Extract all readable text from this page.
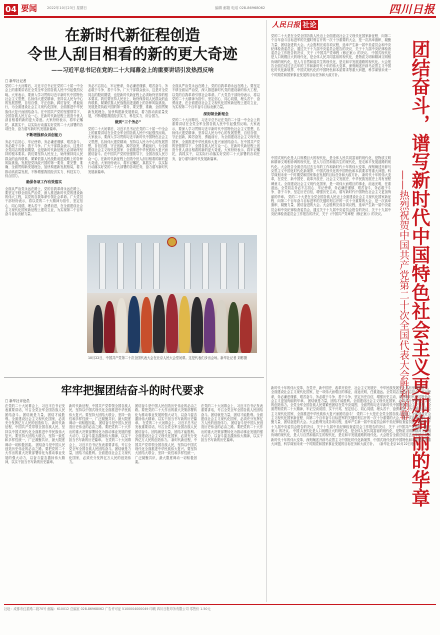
04 要闻	2022年10月23日 星期日	编辑 邮箱 电话 028-86968062	四川日报
在新时代新征程创造
令世人刮目相看的新的更大奇迹
——习近平总书记在党的二十大闻幕会上的重要讲话引发热烈反响
□ 新华社记者
党的二十大闭幕后，习近平总书记在党的二十届一中全会上的重要讲话在全党全军全国各族人民中引起强烈反响。大家表示，要深入学习贯彻习近平新时代中国特色社会主义思想，弘扬伟大建党精神，坚持以人民为中心的发展思想，自信自强、守正创新，踔厉奋发、勇毅前行，为全面建设社会主义现代化国家、全面推进中华民族伟大复兴而团结奋斗。在中国共产党的坚强领导下，全国各族人民万众一心，在新时代新征程上创造令世人刮目相看的新的更大奇迹。大家纷纷表示，将牢记嘱托，真抓实干，以实际行动落实好党的二十大部署的各项任务，奋力谱写新时代发展新篇章。
不断增强群众首创能力
务必不忘初心、牢记使命，务必谦虚谨慎、艰苦奋斗，务必敢于斗争、善于斗争。广大干部群众表示，这是对全党同志的殷切期望，也是新时代新征程上必须始终坚持的根本要求。我们要坚持人民至上，始终保持同人民群众的血肉联系，紧紧依靠人民战胜前进道路上的各种风险挑战。发展是党执政兴国的第一要务，要完整、准确、全面贯彻新发展理念，加快构建新发展格局，着力推动高质量发展，不断增强我国经济实力、科技实力、综合国力。
确保各项工作有效落实
全面从严治党永远在路上，党的自我革命永远在路上。要坚定不移全面从严治党，深入推进新时代党的建设新的伟大工程，以党的自我革命引领社会革命。广大党员干部纷纷表示，将以党的二十大精神为指引，坚定信心、同心同德，埋头苦干、奋勇前进，在全面建设社会主义现代化国家新征程上建功立业，为实现第二个百年奋斗目标贡献力量。
务必不忘初心、牢记使命，务必谦虚谨慎、艰苦奋斗，务必敢于斗争、善于斗争。广大干部群众表示，这是对全党同志的殷切期望，也是新时代新征程上必须始终坚持的根本要求。我们要坚持人民至上，始终保持同人民群众的血肉联系，紧紧依靠人民战胜前进道路上的各种风险挑战。发展是党执政兴国的第一要务，要完整、准确、全面贯彻新发展理念，加快构建新发展格局，着力推动高质量发展，不断增强我国经济实力、科技实力、综合国力。
做到“三个务必”
党的二十大闭幕后，习近平总书记在党的二十届一中全会上的重要讲话在全党全军全国各族人民中引起强烈反响。大家表示，要深入学习贯彻习近平新时代中国特色社会主义思想，弘扬伟大建党精神，坚持以人民为中心的发展思想，自信自强、守正创新，踔厉奋发、勇毅前行，为全面建设社会主义现代化国家、全面推进中华民族伟大复兴而团结奋斗。在中国共产党的坚强领导下，全国各族人民万众一心，在新时代新征程上创造令世人刮目相看的新的更大奇迹。大家纷纷表示，将牢记嘱托，真抓实干，以实际行动落实好党的二十大部署的各项任务，奋力谱写新时代发展新篇章。
全面从严治党永远在路上，党的自我革命永远在路上。要坚定不移全面从严治党，深入推进新时代党的建设新的伟大工程，以党的自我革命引领社会革命。广大党员干部纷纷表示，将以党的二十大精神为指引，坚定信心、同心同德，埋头苦干、奋勇前进，在全面建设社会主义现代化国家新征程上建功立业，为实现第二个百年奋斗目标贡献力量。
深刻领会新理念
党的二十大闭幕后，习近平总书记在党的二十届一中全会上的重要讲话在全党全军全国各族人民中引起强烈反响。大家表示，要深入学习贯彻习近平新时代中国特色社会主义思想，弘扬伟大建党精神，坚持以人民为中心的发展思想，自信自强、守正创新，踔厉奋发、勇毅前行，为全面建设社会主义现代化国家、全面推进中华民族伟大复兴而团结奋斗。在中国共产党的坚强领导下，全国各族人民万众一心，在新时代新征程上创造令世人刮目相看的新的更大奇迹。大家纷纷表示，将牢记嘱托，真抓实干，以实际行动落实好党的二十大部署的各项任务，奋力谱写新时代发展新篇章。
10月22日，中国共产党第二十次全国代表大会在北京人民大会堂闭幕。这是代表们步出会场。新华社记者 刘彬摄
牢牢把握团结奋斗的时代要求
□ 新华社评论员
在党的二十大闭幕会上，习近平总书记发表重要讲话，号召全党全军全国各族人民团结奋斗。团结就是力量，团结才能胜利。全面建设社会主义现代化国家，必须充分发挥亿万人民的创造伟力。 新时代新征程，中国共产党带领全国各族人民，坚持以中国式现代化全面推进中华民族伟大复兴。要坚持大团结大联合，坚持一致性和多样性统一，广泛凝聚共识，最大限度调动一切积极因素。 团结奋斗是中国人民创造历史伟业的必由之路。要把党的二十大作出的重大决策部署转化为推动事业发展的强大动力，以奋斗姿态激扬伟大精神，以实干担当书写新的历史篇章。
新时代新征程，中国共产党带领全国各族人民，坚持以中国式现代化全面推进中华民族伟大复兴。要坚持大团结大联合，坚持一致性和多样性统一，广泛凝聚共识，最大限度调动一切积极因素。 团结奋斗是中国人民创造历史伟业的必由之路。要把党的二十大作出的重大决策部署转化为推动事业发展的强大动力，以奋斗姿态激扬伟大精神，以实干担当书写新的历史篇章。 在党的二十大闭幕会上，习近平总书记发表重要讲话，号召全党全军全国各族人民团结奋斗。团结就是力量，团结才能胜利。全面建设社会主义现代化国家，必须充分发挥亿万人民的创造伟力。
团结奋斗是中国人民创造历史伟业的必由之路。要把党的二十大作出的重大决策部署转化为推动事业发展的强大动力，以奋斗姿态激扬伟大精神，以实干担当书写新的历史篇章。 在党的二十大闭幕会上，习近平总书记发表重要讲话，号召全党全军全国各族人民团结奋斗。团结就是力量，团结才能胜利。全面建设社会主义现代化国家，必须充分发挥亿万人民的创造伟力。 新时代新征程，中国共产党带领全国各族人民，坚持以中国式现代化全面推进中华民族伟大复兴。要坚持大团结大联合，坚持一致性和多样性统一，广泛凝聚共识，最大限度调动一切积极因素。
在党的二十大闭幕会上，习近平总书记发表重要讲话，号召全党全军全国各族人民团结奋斗。团结就是力量，团结才能胜利。全面建设社会主义现代化国家，必须充分发挥亿万人民的创造伟力。 团结奋斗是中国人民创造历史伟业的必由之路。要把党的二十大作出的重大决策部署转化为推动事业发展的强大动力，以奋斗姿态激扬伟大精神，以实干担当书写新的历史篇章。
人民日报 社论
团结奋斗，谱写新时代中国特色社会主义更加绚丽的华章
——热烈祝贺中国共产党第二十次全国代表大会胜利闭幕
党的二十大是在全党全国各族人民迈上全面建设社会主义现代化国家新征程、向第二个百年奋斗目标进军的关键时刻召开的一次十分重要的大会，是一次高举旗帜、凝聚力量、团结奋进的大会。大会胜利完成各项议程，选举产生新一届中央委员会和中央纪律检查委员会，通过关于十九届中央委员会报告的决议、关于十九届中央纪律检查委员会工作报告的决议、关于《中国共产党章程（修正案）》的决议。 中国式现代化是人口规模巨大的现代化，是全体人民共同富裕的现代化，是物质文明和精神文明相协调的现代化，是人与自然和谐共生的现代化，是走和平发展道路的现代化。大会报告全面总结过去五年的工作和新时代十年的伟大变革，深刻阐述开辟马克思主义中国化时代化新境界、中国式现代化的中国特色和本质要求等重大问题，科学谋划未来一个时期党和国家事业发展的目标任务和大政方针。
中国式现代化是人口规模巨大的现代化，是全体人民共同富裕的现代化，是物质文明和精神文明相协调的现代化，是人与自然和谐共生的现代化，是走和平发展道路的现代化。大会报告全面总结过去五年的工作和新时代十年的伟大变革，深刻阐述开辟马克思主义中国化时代化新境界、中国式现代化的中国特色和本质要求等重大问题，科学谋划未来一个时期党和国家事业发展的目标任务和大政方针。 新时代十年的伟大变革，在党史、新中国史、改革开放史、社会主义发展史、中华民族发展史上具有里程碑意义。全面建设社会主义现代化国家，是一项伟大而艰巨的事业，前途光明，任重道远。全党同志务必不忘初心、牢记使命，务必谦虚谨慎、艰苦奋斗，务必敢于斗争、善于斗争，坚定历史自信，增强历史主动，谱写新时代中国特色社会主义更加绚丽的华章。 党的二十大是在全党全国各族人民迈上全面建设社会主义现代化国家新征程、向第二个百年奋斗目标进军的关键时刻召开的一次十分重要的大会，是一次高举旗帜、凝聚力量、团结奋进的大会。大会胜利完成各项议程，选举产生新一届中央委员会和中央纪律检查委员会，通过关于十九届中央委员会报告的决议、关于十九届中央纪律检查委员会工作报告的决议、关于《中国共产党章程（修正案）》的决议。
新时代十年的伟大变革，在党史、新中国史、改革开放史、社会主义发展史、中华民族发展史上具有里程碑意义。全面建设社会主义现代化国家，是一项伟大而艰巨的事业，前途光明，任重道远。全党同志务必不忘初心、牢记使命，务必谦虚谨慎、艰苦奋斗，务必敢于斗争、善于斗争，坚定历史自信，增强历史主动，谱写新时代中国特色社会主义更加绚丽的华章。 团结就是力量，团结才能胜利。全面建设社会主义现代化国家，必须充分发挥亿万人民的创造伟力。全党全军全国各族人民要紧密团结在党中央周围，全面贯彻习近平新时代中国特色社会主义思想，全面贯彻党的二十大精神，牢记空谈误国、实干兴邦，坚定信心、同心同德，埋头苦干、奋勇前进，为全面建设社会主义现代化国家、全面推进中华民族伟大复兴而团结奋斗！ 党的二十大是在全党全国各族人民迈上全面建设社会主义现代化国家新征程、向第二个百年奋斗目标进军的关键时刻召开的一次十分重要的大会，是一次高举旗帜、凝聚力量、团结奋进的大会。大会胜利完成各项议程，选举产生新一届中央委员会和中央纪律检查委员会，通过关于十九届中央委员会报告的决议、关于十九届中央纪律检查委员会工作报告的决议、关于《中国共产党章程（修正案）》的决议。 中国式现代化是人口规模巨大的现代化，是全体人民共同富裕的现代化，是物质文明和精神文明相协调的现代化，是人与自然和谐共生的现代化，是走和平发展道路的现代化。大会报告全面总结过去五年的工作和新时代十年的伟大变革，深刻阐述开辟马克思主义中国化时代化新境界、中国式现代化的中国特色和本质要求等重大问题，科学谋划未来一个时期党和国家事业发展的目标任务和大政方针。 （新华社北京10月22日电）
社址：成都市红星路二段70号 邮编：610012 总编室 028-86968062 广告许可证 5100004000049 印刷 四川日报印务有限公司 零售价 1.50元
